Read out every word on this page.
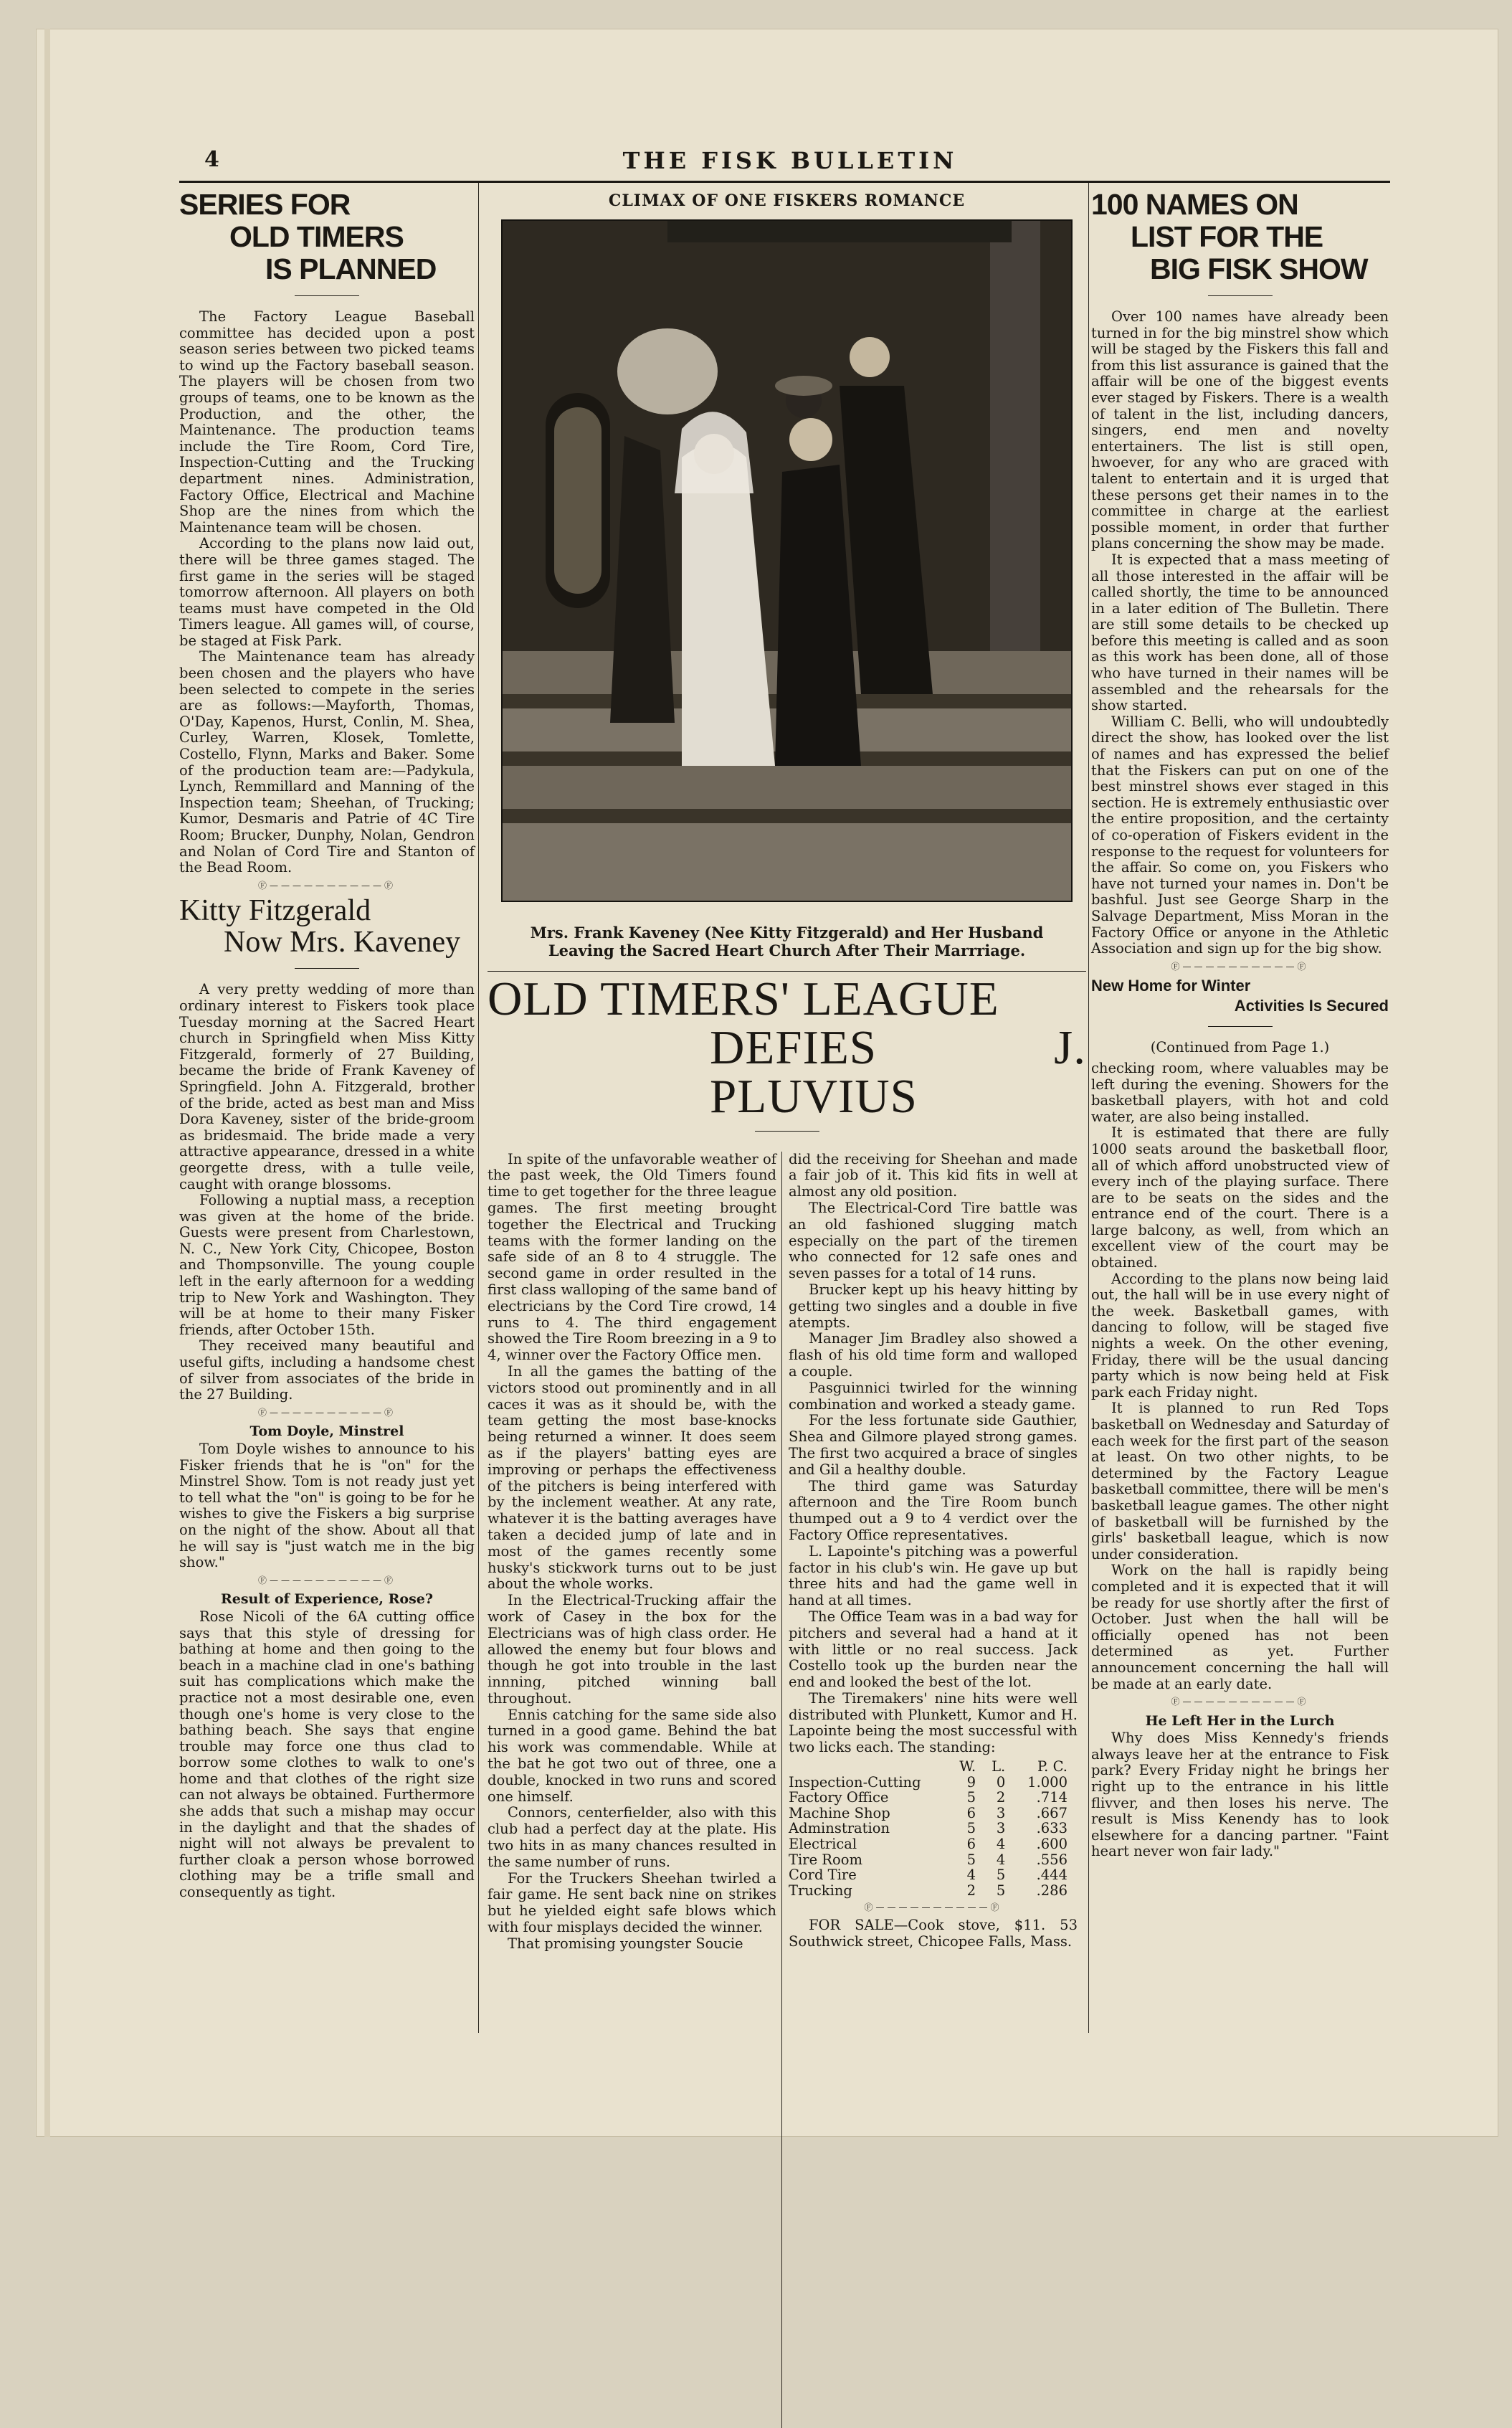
4	THE FISK BULLETIN
SERIES FOR
OLD TIMERS
IS PLANNED

The Factory League Baseball committee has decided upon a post season series between two picked teams to wind up the Factory baseball season. The players will be chosen from two groups of teams, one to be known as the Production, and the other, the Maintenance. The production teams include the Tire Room, Cord Tire, Inspection-Cutting and the Trucking department nines. Administration, Factory Office, Electrical and Machine Shop are the nines from which the Maintenance team will be chosen.

According to the plans now laid out, there will be three games staged. The first game in the series will be staged tomorrow afternoon. All players on both teams must have competed in the Old Timers league. All games will, of course, be staged at Fisk Park.

The Maintenance team has already been chosen and the players who have been selected to compete in the series are as follows:—Mayforth, Thomas, O'Day, Kapenos, Hurst, Conlin, M. Shea, Curley, Warren, Klosek, Tomlette, Costello, Flynn, Marks and Baker. Some of the production team are:—Padykula, Lynch, Remmillard and Manning of the Inspection team; Sheehan, of Trucking; Kumor, Desmaris and Patrie of 4C Tire Room; Brucker, Dunphy, Nolan, Gendron and Nolan of Cord Tire and Stanton of the Bead Room.

Ⓕ——————————Ⓕ
Kitty Fitzgerald
Now Mrs. Kaveney

A very pretty wedding of more than ordinary interest to Fiskers took place Tuesday morning at the Sacred Heart church in Springfield when Miss Kitty Fitzgerald, formerly of 27 Building, became the bride of Frank Kaveney of Springfield. John A. Fitzgerald, brother of the bride, acted as best man and Miss Dora Kaveney, sister of the bride-groom as bridesmaid. The bride made a very attractive appearance, dressed in a white georgette dress, with a tulle veile, caught with orange blossoms.

Following a nuptial mass, a reception was given at the home of the bride. Guests were present from Charlestown, N. C., New York City, Chicopee, Boston and Thompsonville. The young couple left in the early afternoon for a wedding trip to New York and Washington. They will be at home to their many Fisker friends, after October 15th.

They received many beautiful and useful gifts, including a handsome chest of silver from associates of the bride in the 27 Building.

Ⓕ——————————Ⓕ
Tom Doyle, Minstrel

Tom Doyle wishes to announce to his Fisker friends that he is "on" for the Minstrel Show. Tom is not ready just yet to tell what the "on" is going to be for he wishes to give the Fiskers a big surprise on the night of the show. About all that he will say is "just watch me in the big show."

Ⓕ——————————Ⓕ
Result of Experience, Rose?

Rose Nicoli of the 6A cutting office says that this style of dressing for bathing at home and then going to the beach in a machine clad in one's bathing suit has complications which make the practice not a most desirable one, even though one's home is very close to the bathing beach. She says that engine trouble may force one thus clad to borrow some clothes to walk to one's home and that clothes of the right size can not always be obtained. Furthermore she adds that such a mishap may occur in the daylight and that the shades of night will not always be prevalent to further cloak a person whose borrowed clothing may be a trifle small and consequently as tight.

CLIMAX OF ONE FISKERS ROMANCE
Mrs. Frank Kaveney (Nee Kitty Fitzgerald) and Her Husband
Leaving the Sacred Heart Church After Their Marrriage.
OLD TIMERS' LEAGUE
DEFIES J. PLUVIUS

In spite of the unfavorable weather of the past week, the Old Timers found time to get together for the three league games. The first meeting brought together the Electrical and Trucking teams with the former landing on the safe side of an 8 to 4 struggle. The second game in order resulted in the first class walloping of the same band of electricians by the Cord Tire crowd, 14 runs to 4. The third engagement showed the Tire Room breezing in a 9 to 4, winner over the Factory Office men.

In all the games the batting of the victors stood out prominently and in all caces it was as it should be, with the team getting the most base-knocks being returned a winner. It does seem as if the players' batting eyes are improving or perhaps the effectiveness of the pitchers is being interfered with by the inclement weather. At any rate, whatever it is the batting averages have taken a decided jump of late and in most of the games recently some husky's stickwork turns out to be just about the whole works.

In the Electrical-Trucking affair the work of Casey in the box for the Electricians was of high class order. He allowed the enemy but four blows and though he got into trouble in the last innning, pitched winning ball throughout.

Ennis catching for the same side also turned in a good game. Behind the bat his work was commendable. While at the bat he got two out of three, one a double, knocked in two runs and scored one himself.

Connors, centerfielder, also with this club had a perfect day at the plate. His two hits in as many chances resulted in the same number of runs.

For the Truckers Sheehan twirled a fair game. He sent back nine on strikes but he yielded eight safe blows which with four misplays decided the winner.

That promising youngster Soucie

did the receiving for Sheehan and made a fair job of it. This kid fits in well at almost any old position.

The Electrical-Cord Tire battle was an old fashioned slugging match especially on the part of the tiremen who connected for 12 safe ones and seven passes for a total of 14 runs.

Brucker kept up his heavy hitting by getting two singles and a double in five atempts.

Manager Jim Bradley also showed a flash of his old time form and walloped a couple.

Pasguinnici twirled for the winning combination and worked a steady game.

For the less fortunate side Gauthier, Shea and Gilmore played strong games. The first two acquired a brace of singles and Gil a healthy double.

The third game was Saturday afternoon and the Tire Room bunch thumped out a 9 to 4 verdict over the Factory Office representatives.

L. Lapointe's pitching was a powerful factor in his club's win. He gave up but three hits and had the game well in hand at all times.

The Office Team was in a bad way for pitchers and several had a hand at it with little or no real success. Jack Costello took up the burden near the end and looked the best of the lot.

The Tiremakers' nine hits were well distributed with Plunkett, Kumor and H. Lapointe being the most successful with two licks each. The standing:

	W.	L.	P. C.
Inspection-Cutting	9	0	1.000
Factory Office	5	2	.714
Machine Shop	6	3	.667
Adminstration	5	3	.633
Electrical	6	4	.600
Tire Room	5	4	.556
Cord Tire	4	5	.444
Trucking	2	5	.286
Ⓕ——————————Ⓕ

FOR SALE—Cook stove, $11. 53 Southwick street, Chicopee Falls, Mass.

100 NAMES ON
LIST FOR THE
BIG FISK SHOW

Over 100 names have already been turned in for the big minstrel show which will be staged by the Fiskers this fall and from this list assurance is gained that the affair will be one of the biggest events ever staged by Fiskers. There is a wealth of talent in the list, including dancers, singers, end men and novelty entertainers. The list is still open, hwoever, for any who are graced with talent to entertain and it is urged that these persons get their names in to the committee in charge at the earliest possible moment, in order that further plans concerning the show may be made.

It is expected that a mass meeting of all those interested in the affair will be called shortly, the time to be announced in a later edition of The Bulletin. There are still some details to be checked up before this meeting is called and as soon as this work has been done, all of those who have turned in their names will be assembled and the rehearsals for the show started.

William C. Belli, who will undoubtedly direct the show, has looked over the list of names and has expressed the belief that the Fiskers can put on one of the best minstrel shows ever staged in this section. He is extremely enthusiastic over the entire proposition, and the certainty of co-operation of Fiskers evident in the response to the request for volunteers for the affair. So come on, you Fiskers who have not turned your names in. Don't be bashful. Just see George Sharp in the Salvage Department, Miss Moran in the Factory Office or anyone in the Athletic Association and sign up for the big show.

Ⓕ——————————Ⓕ
New Home for Winter
Activities Is Secured
(Continued from Page 1.)

checking room, where valuables may be left during the evening. Showers for the basketball players, with hot and cold water, are also being installed.

It is estimated that there are fully 1000 seats around the basketball floor, all of which afford unobstructed view of every inch of the playing surface. There are to be seats on the sides and the entrance end of the court. There is a large balcony, as well, from which an excellent view of the court may be obtained.

According to the plans now being laid out, the hall will be in use every night of the week. Basketball games, with dancing to follow, will be staged five nights a week. On the other evening, Friday, there will be the usual dancing party which is now being held at Fisk park each Friday night.

It is planned to run Red Tops basketball on Wednesday and Saturday of each week for the first part of the season at least. On two other nights, to be determined by the Factory League basketball committee, there will be men's basketball league games. The other night of basketball will be furnished by the girls' basketball league, which is now under consideration.

Work on the hall is rapidly being completed and it is expected that it will be ready for use shortly after the first of October. Just when the hall will be officially opened has not been determined as yet. Further announcement concerning the hall will be made at an early date.

Ⓕ——————————Ⓕ
He Left Her in the Lurch

Why does Miss Kennedy's friends always leave her at the entrance to Fisk park? Every Friday night he brings her right up to the entrance in his little flivver, and then loses his nerve. The result is Miss Kenendy has to look elsewhere for a dancing partner. "Faint heart never won fair lady."
